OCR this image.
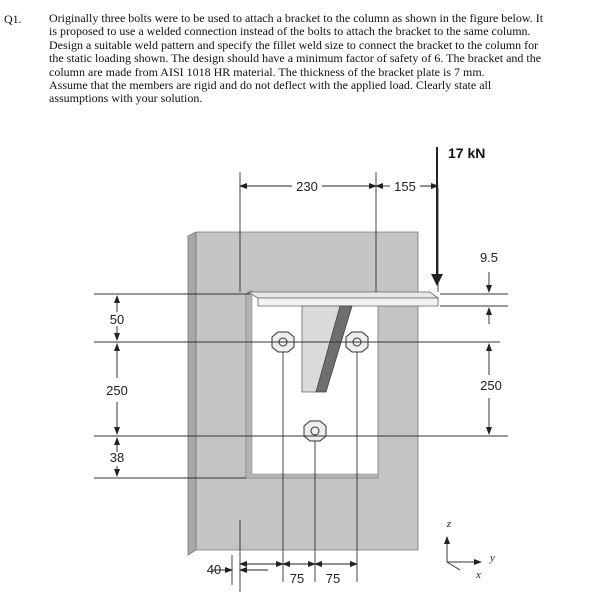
Q1. Originally three bolts were to be used to attach a bracket to the column as shown in the figure below. It

is proposed to use a welded connection instead of the bolts to attach the bracket to the same column.

Design a suitable weld pattern and specify the fillet weld size to connect the bracket to the column for

the static loading shown. The design should have a minimum factor of safety of 6. The bracket and the

column are made from AISI 1018 HR material. The thickness of the bracket plate is 7 mm.

Assume that the members are rigid and do not deflect with the applied load. Clearly state all

assumptions with your solution.

230	155
17 kN
50
250
38
9.5
250
40
75 75
z
y
x
